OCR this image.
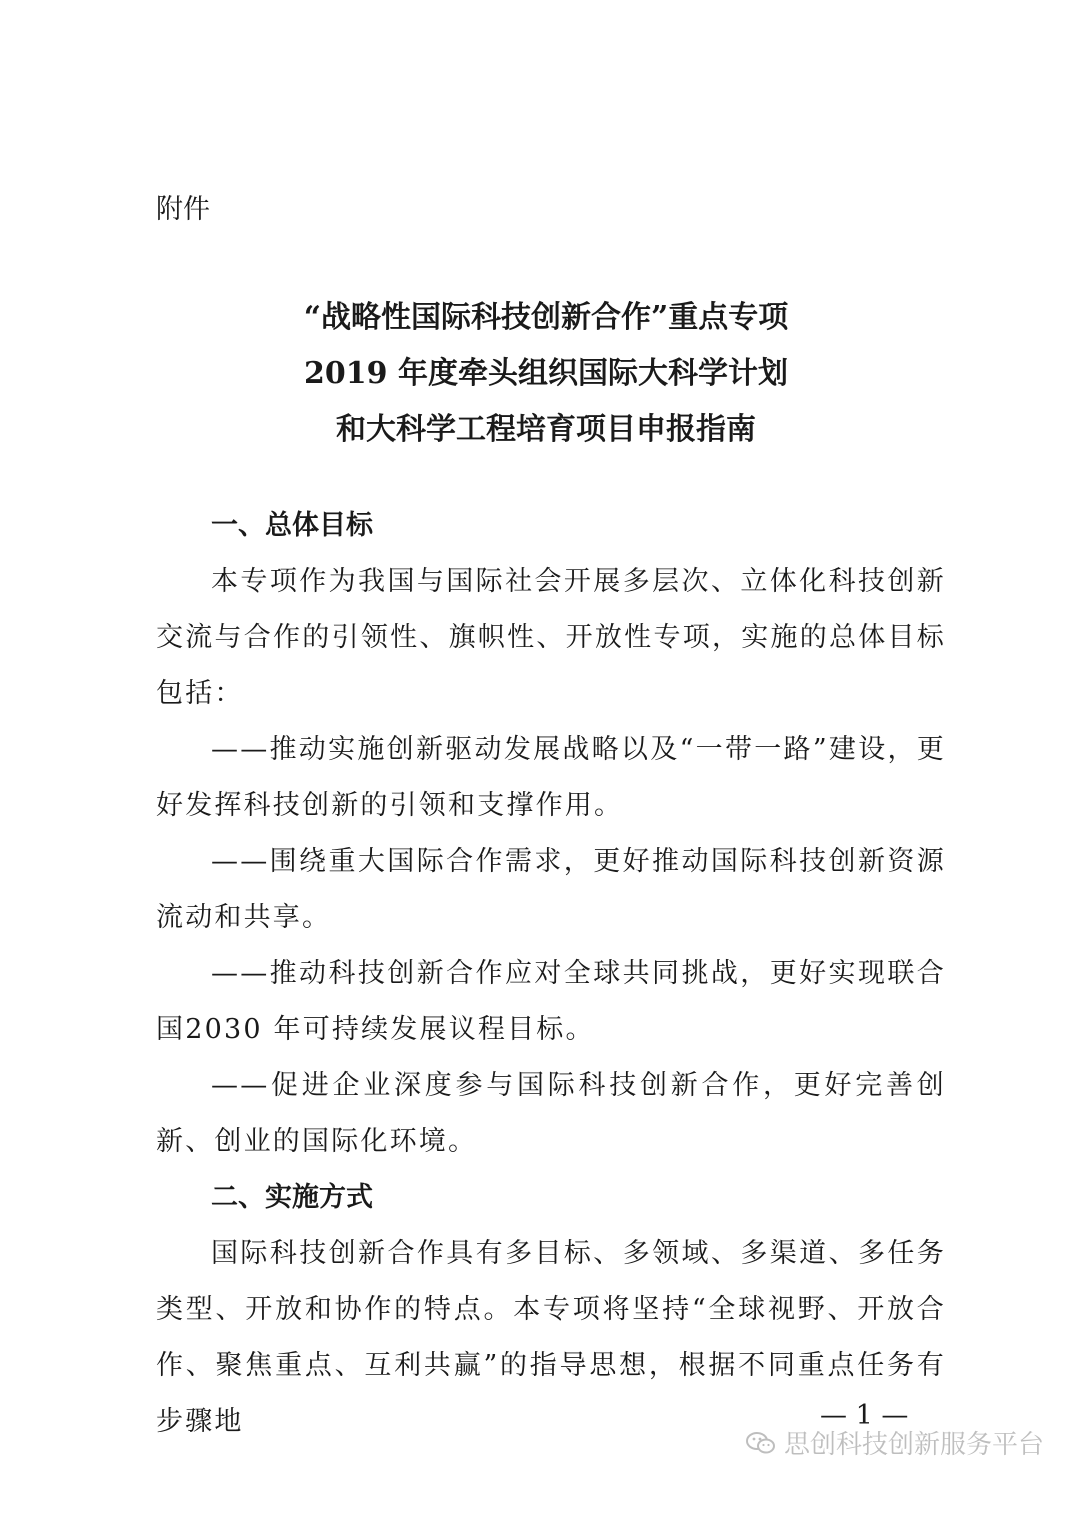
附件
“战略性国际科技创新合作”重点专项
2019 年度牵头组织国际大科学计划
和大科学工程培育项目申报指南
一、总体目标
本专项作为我国与国际社会开展多层次、立体化科技创新交流与合作的引领性、旗帜性、开放性专项，实施的总体目标包括：
——推动实施创新驱动发展战略以及“一带一路”建设，更好发挥科技创新的引领和支撑作用。
——围绕重大国际合作需求，更好推动国际科技创新资源流动和共享。
——推动科技创新合作应对全球共同挑战，更好实现联合国2030 年可持续发展议程目标。
——促进企业深度参与国际科技创新合作，更好完善创新、创业的国际化环境。
二、实施方式
国际科技创新合作具有多目标、多领域、多渠道、多任务类型、开放和协作的特点。本专项将坚持“全球视野、开放合作、聚焦重点、互利共赢”的指导思想，根据不同重点任务有步骤地	— 1 —
思创科技创新服务平台
